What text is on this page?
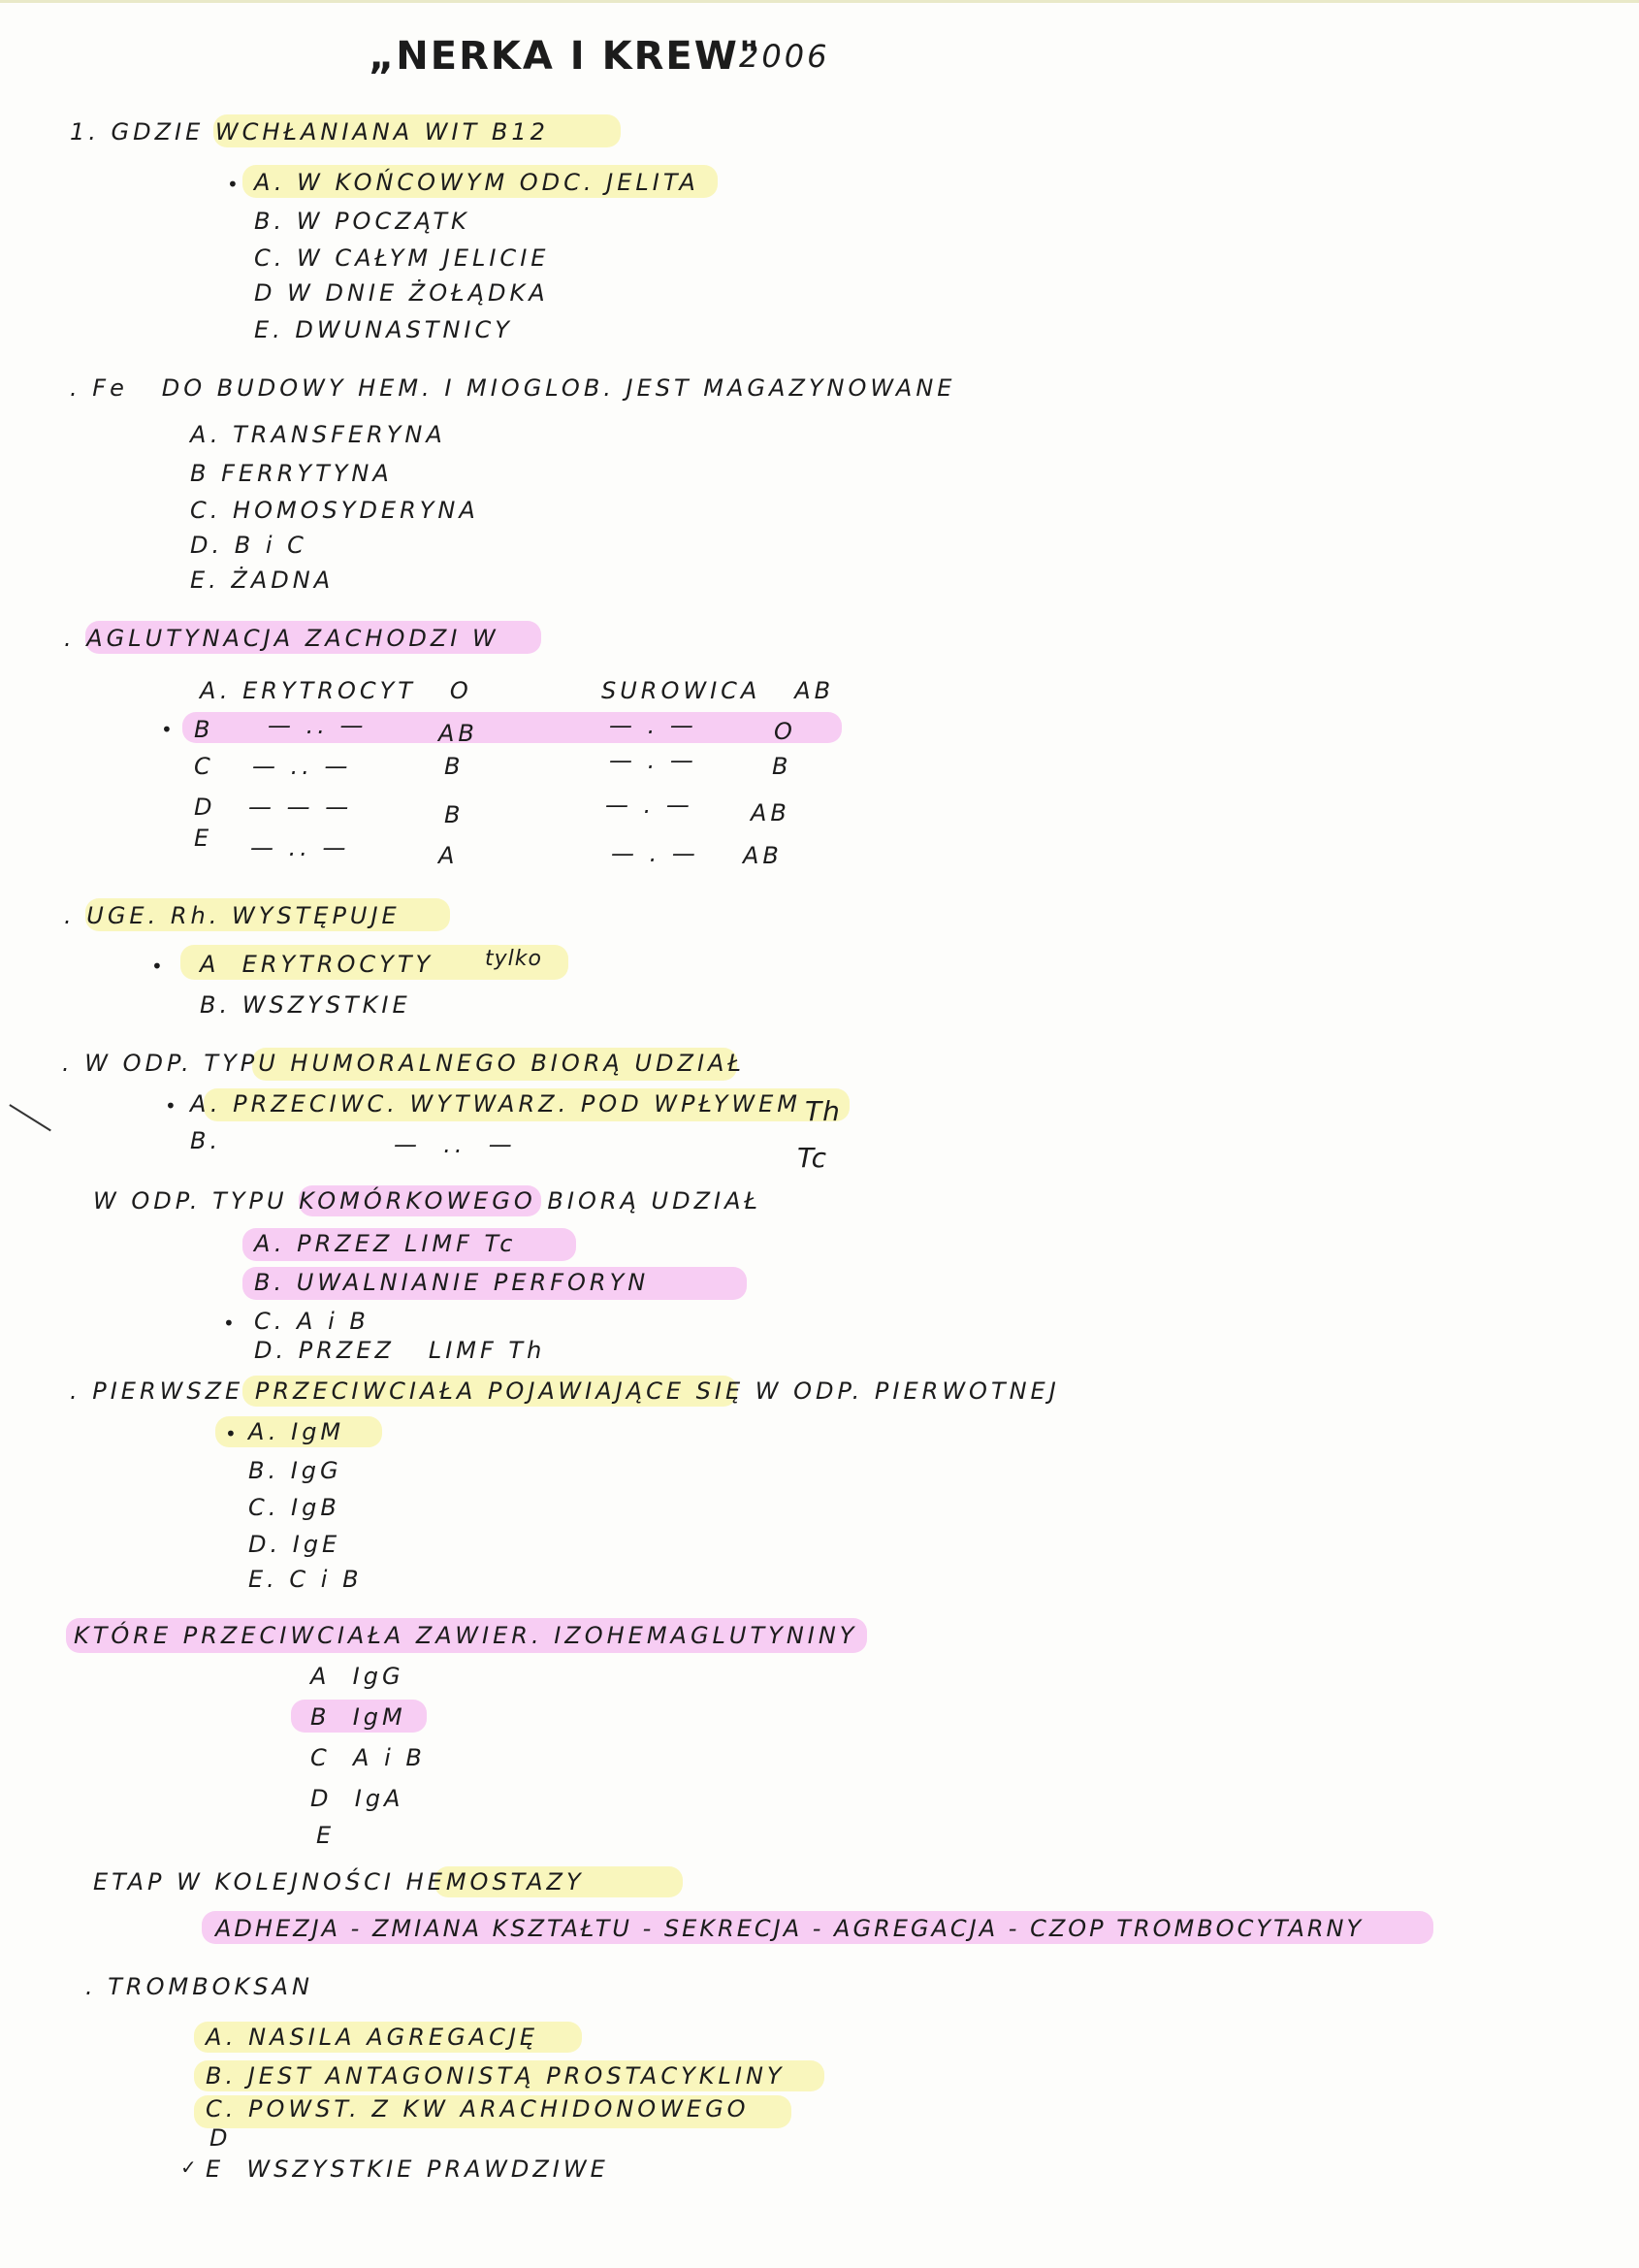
„NERKA I KREW"
2006
1. GDZIE WCHŁANIANA WIT B12
• A. W KOŃCOWYM ODC. JELITA
B. W POCZĄTK
C. W CAŁYM JELICIE
D W DNIE ŻOŁĄDKA
E. DWUNASTNICY
. Fe   DO BUDOWY HEM. I MIOGLOB. JEST MAGAZYNOWANE
A. TRANSFERYNA
B FERRYTYNA
C. HOMOSYDERYNA
D. B i C
E. ŻADNA
. AGLUTYNACJA ZACHODZI W
A. ERYTROCYT   O	SUROWICA   AB
• B — .. —	AB	— . —	O
C — .. —	B	— . —	B
D — — —	B	— . — AB
E — .. —	A	— . — AB
. UGE. Rh. WYSTĘPUJE
• A  ERYTROCYTY tylko
B. WSZYSTKIE
. W ODP. TYPU HUMORALNEGO BIORĄ UDZIAŁ
• A. PRZECIWC. WYTWARZ. POD WPŁYWEM Th
B.	—  ..  —	Tc
W ODP. TYPU KOMÓRKOWEGO BIORĄ UDZIAŁ
A. PRZEZ LIMF Tc
B. UWALNIANIE PERFORYN
• C. A i B
D. PRZEZ   LIMF Th
. PIERWSZE PRZECIWCIAŁA POJAWIAJĄCE SIĘ W ODP. PIERWOTNEJ
• A. IgM
B. IgG
C. IgB
D. IgE
E. C i B
KTÓRE PRZECIWCIAŁA ZAWIER. IZOHEMAGLUTYNINY
A  IgG
B  IgM
C  A i B
D  IgA
E
ETAP W KOLEJNOŚCI HEMOSTAZY
ADHEZJA - ZMIANA KSZTAŁTU - SEKRECJA - AGREGACJA - CZOP TROMBOCYTARNY
. TROMBOKSAN
A. NASILA AGREGACJĘ
B. JEST ANTAGONISTĄ PROSTACYKLINY
C. POWST. Z KW ARACHIDONOWEGO
D
✓ E  WSZYSTKIE PRAWDZIWE
